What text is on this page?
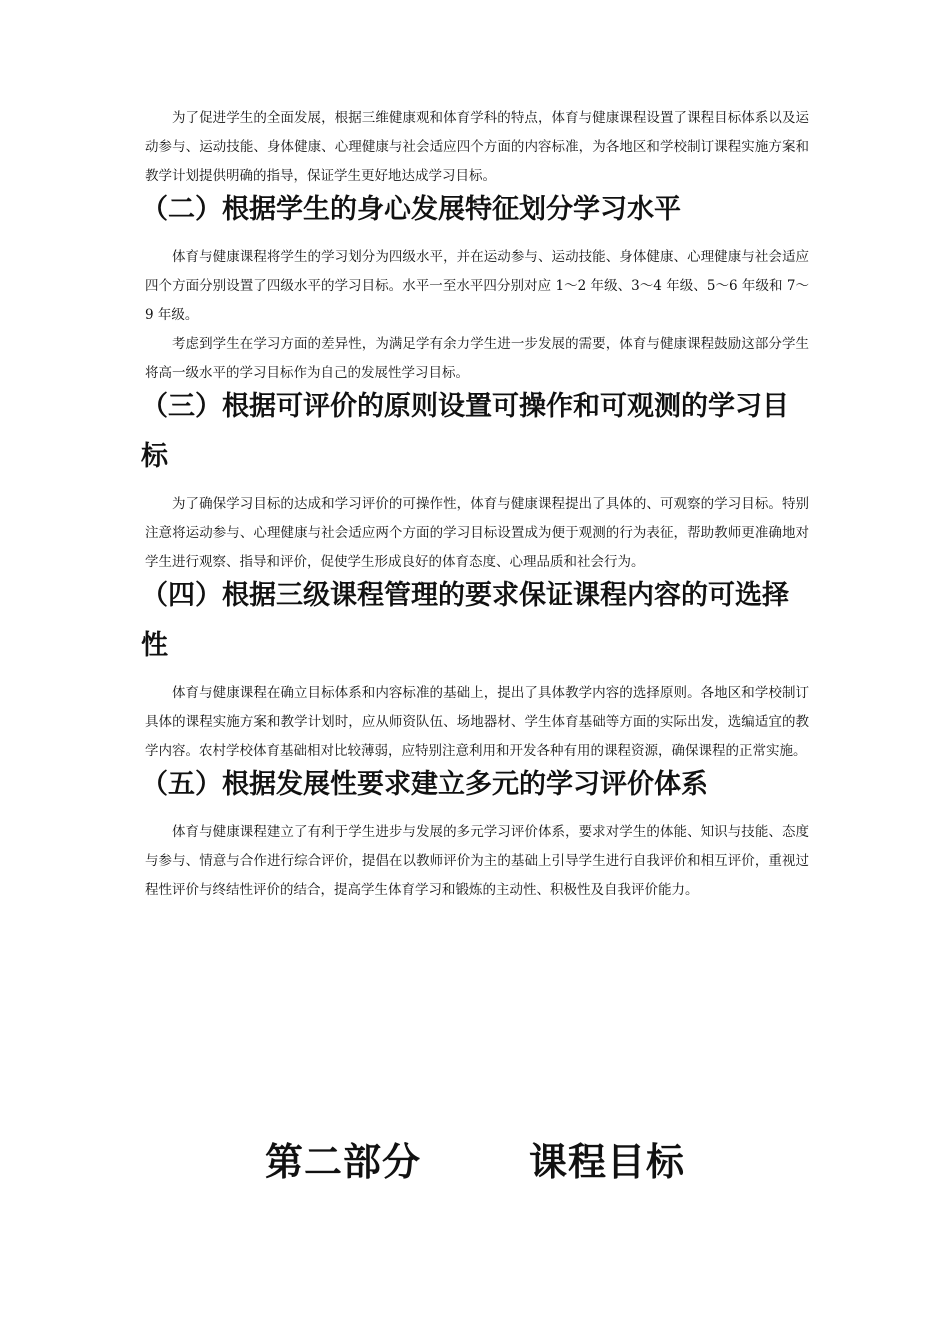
为了促进学生的全面发展，根据三维健康观和体育学科的特点，体育与健康课程设置了课程目标体系以及运动参与、运动技能、身体健康、心理健康与社会适应四个方面的内容标准，为各地区和学校制订课程实施方案和教学计划提供明确的指导，保证学生更好地达成学习目标。

（二）根据学生的身心发展特征划分学习水平

体育与健康课程将学生的学习划分为四级水平，并在运动参与、运动技能、身体健康、心理健康与社会适应四个方面分别设置了四级水平的学习目标。水平一至水平四分别对应 1～2 年级、3～4 年级、5～6 年级和 7～9 年级。

考虑到学生在学习方面的差异性，为满足学有余力学生进一步发展的需要，体育与健康课程鼓励这部分学生将高一级水平的学习目标作为自己的发展性学习目标。

（三）根据可评价的原则设置可操作和可观测的学习目标

为了确保学习目标的达成和学习评价的可操作性，体育与健康课程提出了具体的、可观察的学习目标。特别注意将运动参与、心理健康与社会适应两个方面的学习目标设置成为便于观测的行为表征，帮助教师更准确地对学生进行观察、指导和评价，促使学生形成良好的体育态度、心理品质和社会行为。

（四）根据三级课程管理的要求保证课程内容的可选择性

体育与健康课程在确立目标体系和内容标准的基础上，提出了具体教学内容的选择原则。各地区和学校制订具体的课程实施方案和教学计划时，应从师资队伍、场地器材、学生体育基础等方面的实际出发，选编适宜的教学内容。农村学校体育基础相对比较薄弱，应特别注意利用和开发各种有用的课程资源，确保课程的正常实施。

（五）根据发展性要求建立多元的学习评价体系

体育与健康课程建立了有利于学生进步与发展的多元学习评价体系，要求对学生的体能、知识与技能、态度与参与、情意与合作进行综合评价，提倡在以教师评价为主的基础上引导学生进行自我评价和相互评价，重视过程性评价与终结性评价的结合，提高学生体育学习和锻炼的主动性、积极性及自我评价能力。

第二部分	课程目标
